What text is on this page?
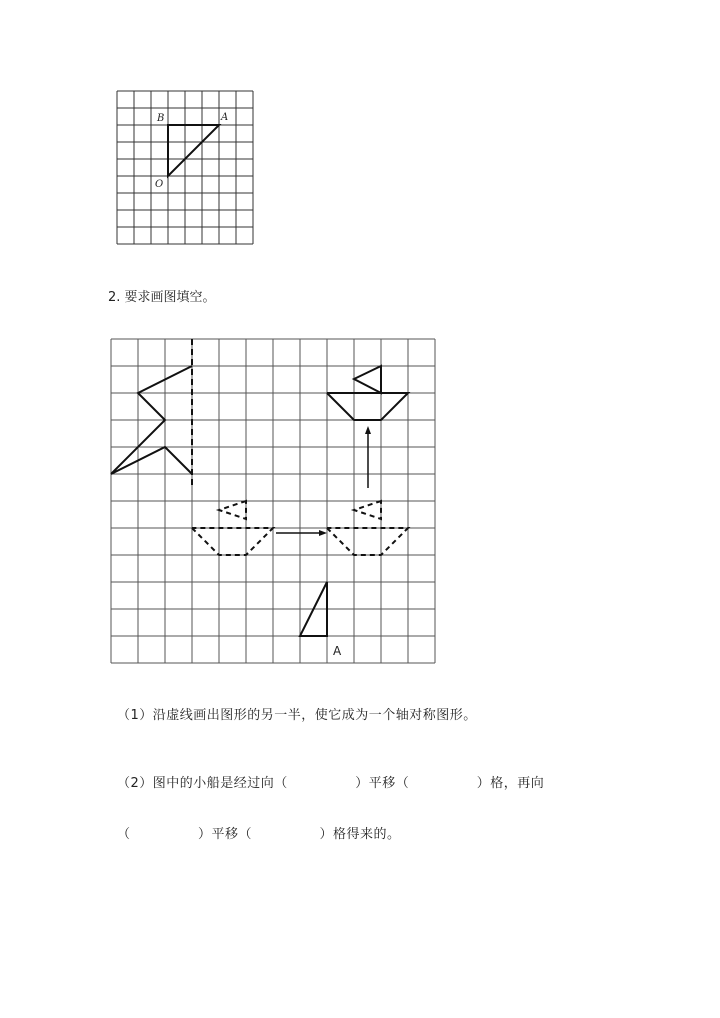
B	A
O
2. 要求画图填空。
A
（1）沿虚线画出图形的另一半，使它成为一个轴对称图形。
（2）图中的小船是经过向（　　　　　）平移（　　　　　）格，再向
（　　　　　）平移（　　　　　）格得来的。
